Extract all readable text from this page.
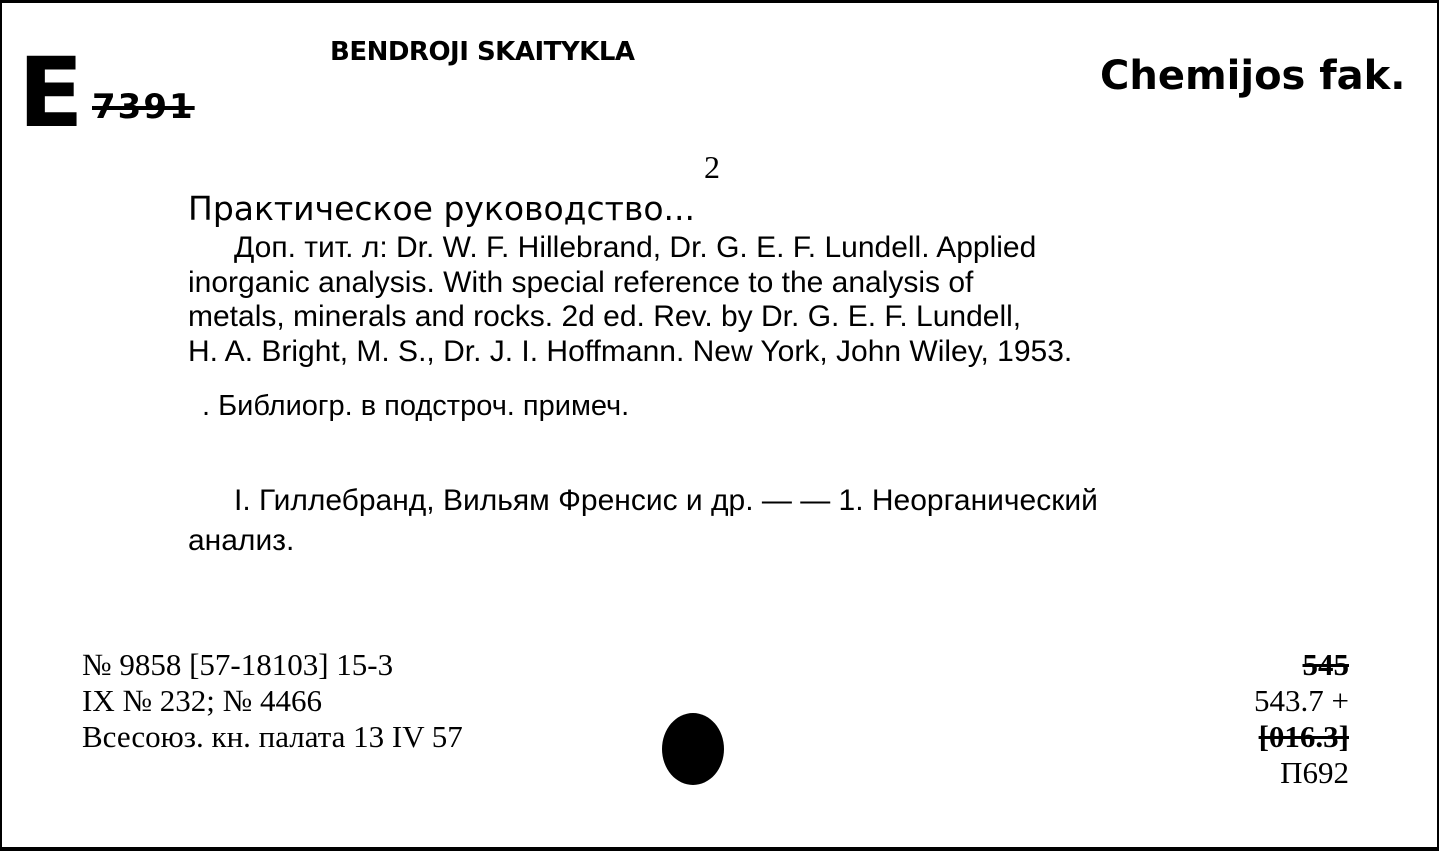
E 7391
BENDROJI SKAITYKLA
Chemijos fak.
2
Практическое руководство...
Доп. тит. л: Dr. W. F. Hillebrand, Dr. G. E. F. Lundell. Applied
inorganic analysis. With special reference to the analysis of
metals, minerals and rocks. 2d ed. Rev. by Dr. G. E. F. Lundell,
H. A. Bright, M. S., Dr. J. I. Hoffmann. New York, John Wiley, 1953.
. Библиогр. в подстроч. примеч.
I. Гиллебранд, Вильям Френсис и др. — — 1. Неорганический
анализ.
№ 9858 [57-18103] 15-3
IX № 232; № 4466
Всесоюз. кн. палата 13 IV 57
545
543.7 +
[016.3]
П692
